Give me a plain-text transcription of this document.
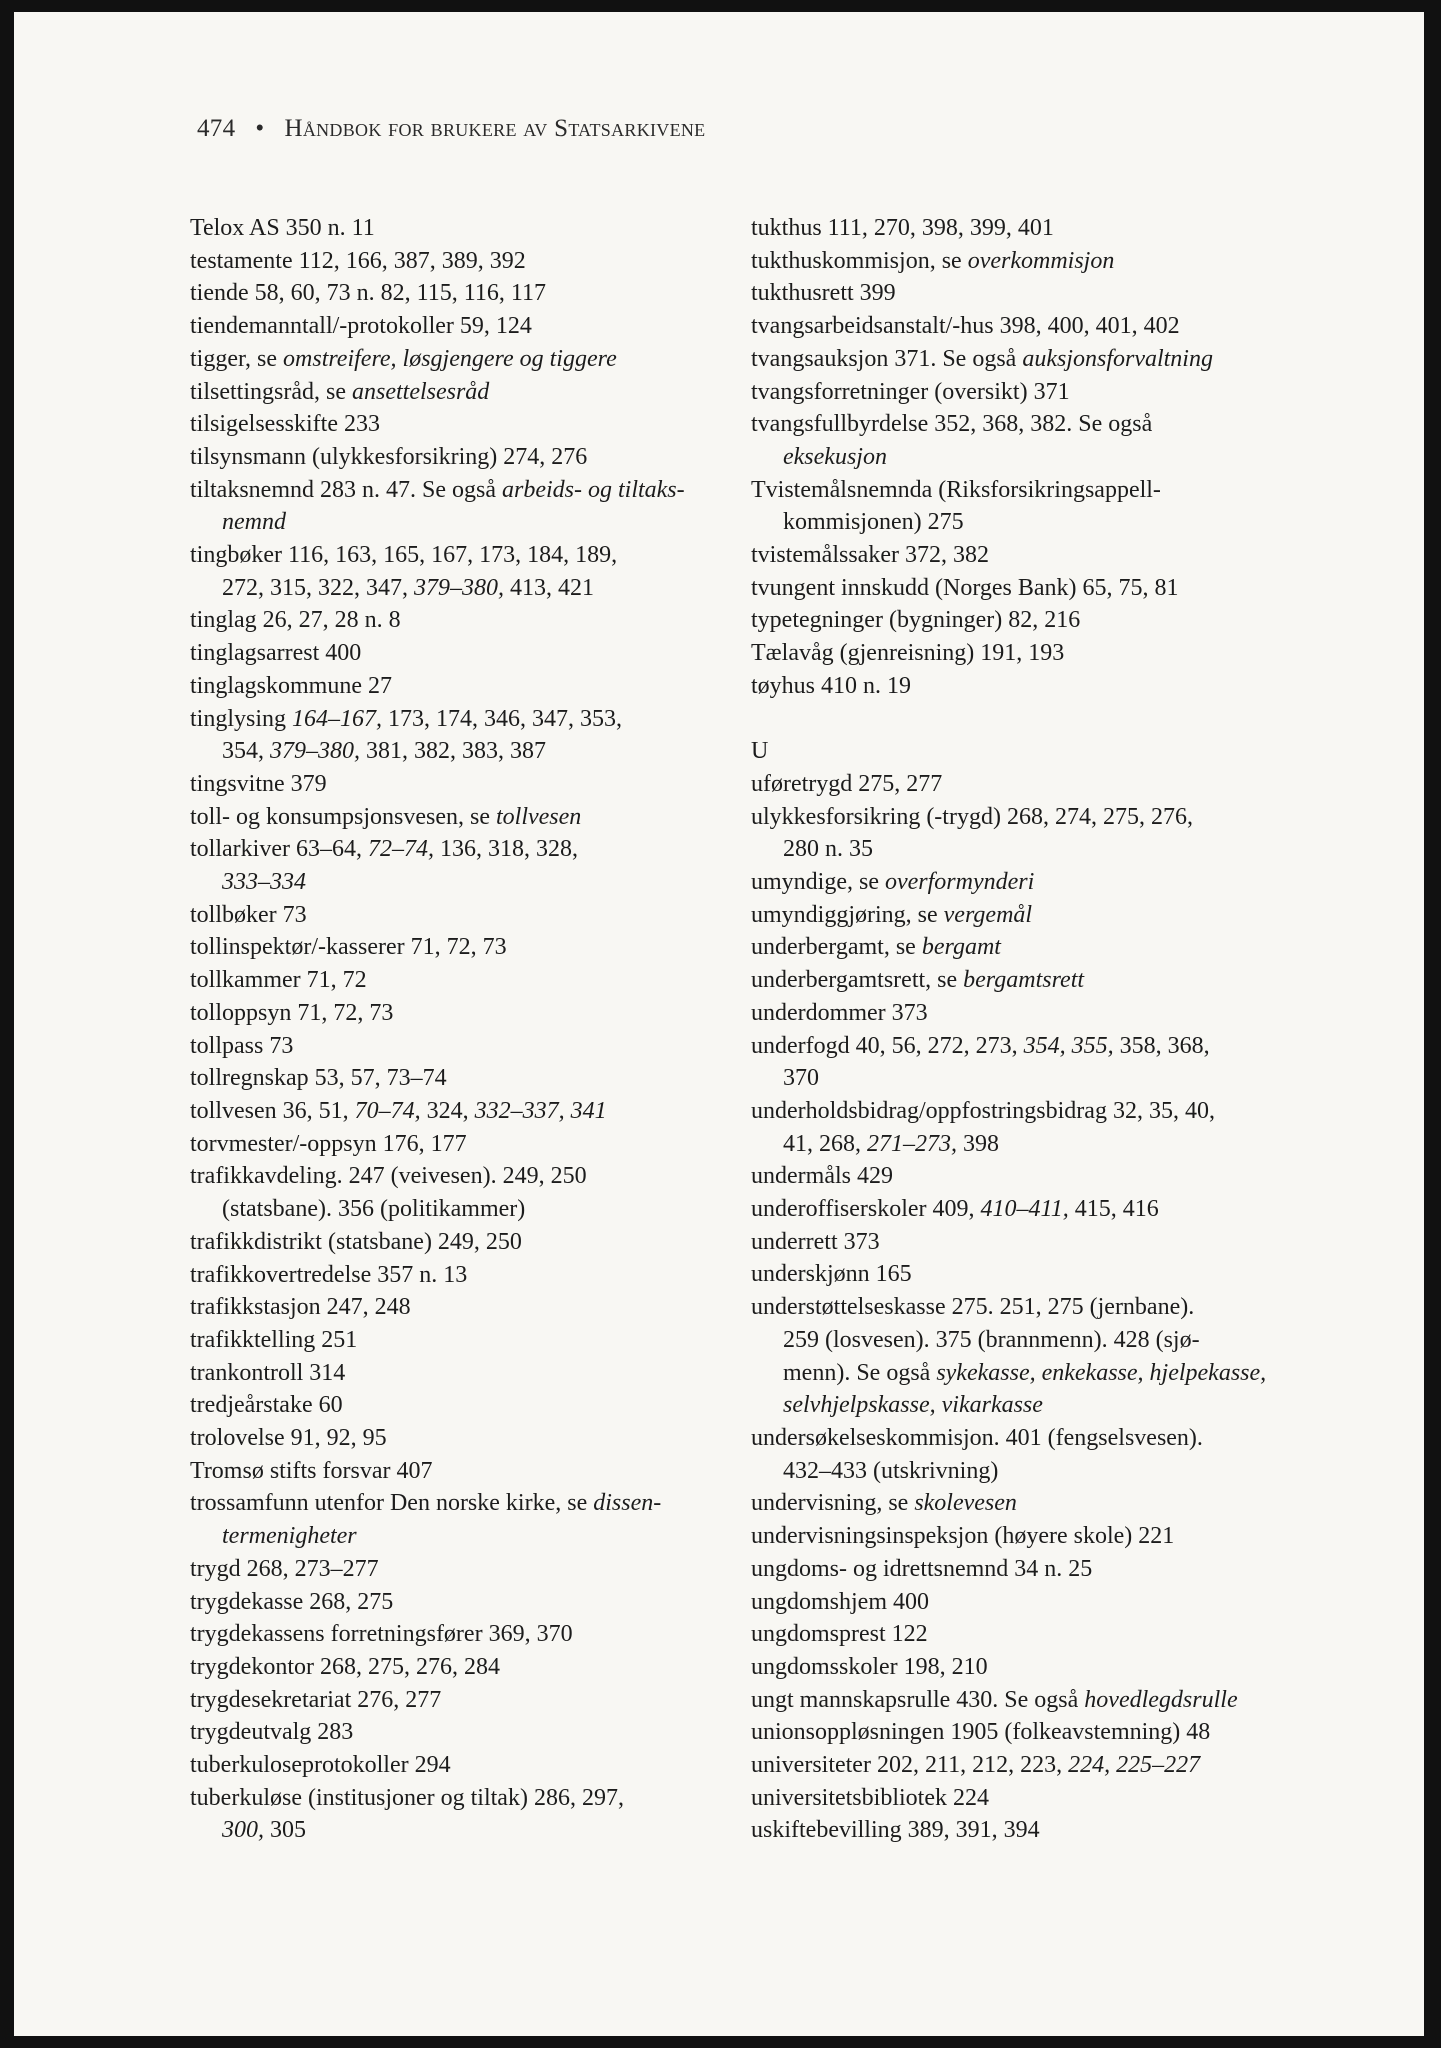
474 • Håndbok for brukere av Statsarkivene
Telox AS 350 n. 11
testamente 112, 166, 387, 389, 392
tiende 58, 60, 73 n. 82, 115, 116, 117
tiendemanntall/-protokoller 59, 124
tigger, se omstreifere, løsgjengere og tiggere
tilsettingsråd, se ansettelsesråd
tilsigelsesskifte 233
tilsynsmann (ulykkesforsikring) 274, 276
tiltaksnemnd 283 n. 47. Se også arbeids- og tiltaks-
nemnd
tingbøker 116, 163, 165, 167, 173, 184, 189,
272, 315, 322, 347, 379–380, 413, 421
tinglag 26, 27, 28 n. 8
tinglagsarrest 400
tinglagskommune 27
tinglysing 164–167, 173, 174, 346, 347, 353,
354, 379–380, 381, 382, 383, 387
tingsvitne 379
toll- og konsumpsjonsvesen, se tollvesen
tollarkiver 63–64, 72–74, 136, 318, 328,
333–334
tollbøker 73
tollinspektør/-kasserer 71, 72, 73
tollkammer 71, 72
tolloppsyn 71, 72, 73
tollpass 73
tollregnskap 53, 57, 73–74
tollvesen 36, 51, 70–74, 324, 332–337, 341
torvmester/-oppsyn 176, 177
trafikkavdeling. 247 (veivesen). 249, 250
(statsbane). 356 (politikammer)
trafikkdistrikt (statsbane) 249, 250
trafikkovertredelse 357 n. 13
trafikkstasjon 247, 248
trafikktelling 251
trankontroll 314
tredjeårstake 60
trolovelse 91, 92, 95
Tromsø stifts forsvar 407
trossamfunn utenfor Den norske kirke, se dissen-
termenigheter
trygd 268, 273–277
trygdekasse 268, 275
trygdekassens forretningsfører 369, 370
trygdekontor 268, 275, 276, 284
trygdesekretariat 276, 277
trygdeutvalg 283
tuberkuloseprotokoller 294
tuberkuløse (institusjoner og tiltak) 286, 297,
300, 305
tukthus 111, 270, 398, 399, 401
tukthuskommisjon, se overkommisjon
tukthusrett 399
tvangsarbeidsanstalt/-hus 398, 400, 401, 402
tvangsauksjon 371. Se også auksjonsforvaltning
tvangsforretninger (oversikt) 371
tvangsfullbyrdelse 352, 368, 382. Se også
eksekusjon
Tvistemålsnemnda (Riksforsikringsappell-
kommisjonen) 275
tvistemålssaker 372, 382
tvungent innskudd (Norges Bank) 65, 75, 81
typetegninger (bygninger) 82, 216
Tælavåg (gjenreisning) 191, 193
tøyhus 410 n. 19
U
uføretrygd 275, 277
ulykkesforsikring (-trygd) 268, 274, 275, 276,
280 n. 35
umyndige, se overformynderi
umyndiggjøring, se vergemål
underbergamt, se bergamt
underbergamtsrett, se bergamtsrett
underdommer 373
underfogd 40, 56, 272, 273, 354, 355, 358, 368,
370
underholdsbidrag/oppfostringsbidrag 32, 35, 40,
41, 268, 271–273, 398
undermåls 429
underoffiserskoler 409, 410–411, 415, 416
underrett 373
underskjønn 165
understøttelseskasse 275. 251, 275 (jernbane).
259 (losvesen). 375 (brannmenn). 428 (sjø-
menn). Se også sykekasse, enkekasse, hjelpekasse,
selvhjelpskasse, vikarkasse
undersøkelseskommisjon. 401 (fengselsvesen).
432–433 (utskrivning)
undervisning, se skolevesen
undervisningsinspeksjon (høyere skole) 221
ungdoms- og idrettsnemnd 34 n. 25
ungdomshjem 400
ungdomsprest 122
ungdomsskoler 198, 210
ungt mannskapsrulle 430. Se også hovedlegdsrulle
unionsoppløsningen 1905 (folkeavstemning) 48
universiteter 202, 211, 212, 223, 224, 225–227
universitetsbibliotek 224
uskiftebevilling 389, 391, 394
